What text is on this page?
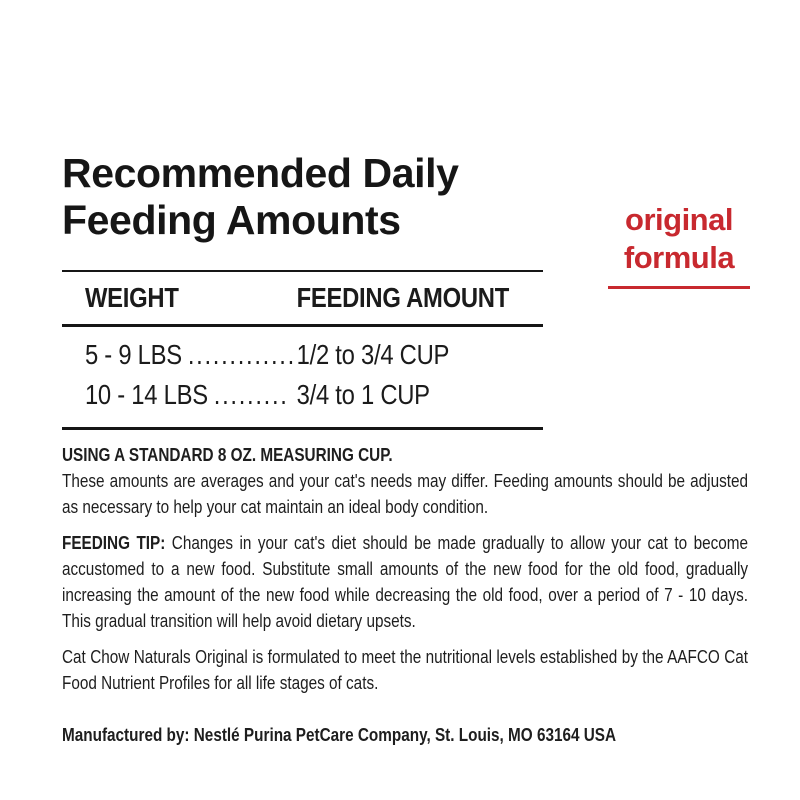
original
formula
Recommended Daily
Feeding Amounts
WEIGHT	FEEDING AMOUNT
5 - 9 LBS ............. 1/2 to 3/4 CUP
10 - 14 LBS ......... 3/4 to 1 CUP
USING A STANDARD 8 OZ. MEASURING CUP.
These amounts are averages and your cat's needs may differ. Feeding amounts should be adjusted as necessary to help your cat maintain an ideal body condition.

FEEDING TIP: Changes in your cat's diet should be made gradually to allow your cat to become accustomed to a new food. Substitute small amounts of the new food for the old food, gradually increasing the amount of the new food while decreasing the old food, over a period of 7 - 10 days. This gradual transition will help avoid dietary upsets.

Cat Chow Naturals Original is formulated to meet the nutritional levels established by the AAFCO Cat Food Nutrient Profiles for all life stages of cats.

Manufactured by: Nestlé Purina PetCare Company, St. Louis, MO 63164 USA
